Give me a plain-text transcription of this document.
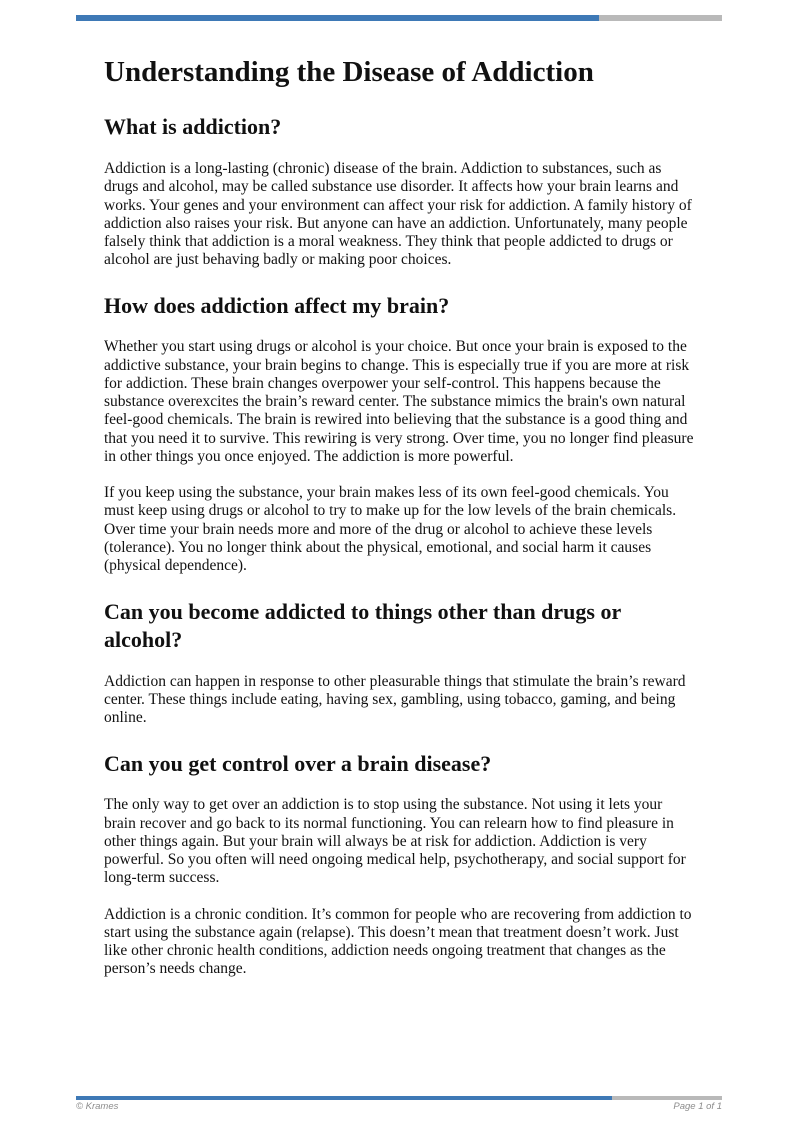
Understanding the Disease of Addiction
What is addiction?

Addiction is a long-lasting (chronic) disease of the brain. Addiction to substances, such as drugs and alcohol, may be called substance use disorder. It affects how your brain learns and works. Your genes and your environment can affect your risk for addiction. A family history of addiction also raises your risk. But anyone can have an addiction. Unfortunately, many people falsely think that addiction is a moral weakness. They think that people addicted to drugs or alcohol are just behaving badly or making poor choices.

How does addiction affect my brain?

Whether you start using drugs or alcohol is your choice. But once your brain is exposed to the addictive substance, your brain begins to change. This is especially true if you are more at risk for addiction. These brain changes overpower your self-control. This happens because the substance overexcites the brain’s reward center. The substance mimics the brain's own natural feel-good chemicals. The brain is rewired into believing that the substance is a good thing and that you need it to survive. This rewiring is very strong. Over time, you no longer find pleasure in other things you once enjoyed. The addiction is more powerful.

If you keep using the substance, your brain makes less of its own feel-good chemicals. You must keep using drugs or alcohol to try to make up for the low levels of the brain chemicals. Over time your brain needs more and more of the drug or alcohol to achieve these levels (tolerance). You no longer think about the physical, emotional, and social harm it causes (physical dependence).

Can you become addicted to things other than drugs or alcohol?

Addiction can happen in response to other pleasurable things that stimulate the brain’s reward center. These things include eating, having sex, gambling, using tobacco, gaming, and being online.

Can you get control over a brain disease?

The only way to get over an addiction is to stop using the substance. Not using it lets your brain recover and go back to its normal functioning. You can relearn how to find pleasure in other things again. But your brain will always be at risk for addiction. Addiction is very powerful. So you often will need ongoing medical help, psychotherapy, and social support for long-term success.

Addiction is a chronic condition. It’s common for people who are recovering from addiction to start using the substance again (relapse). This doesn’t mean that treatment doesn’t work. Just like other chronic health conditions, addiction needs ongoing treatment that changes as the person’s needs change.

© Krames	Page 1 of 1
